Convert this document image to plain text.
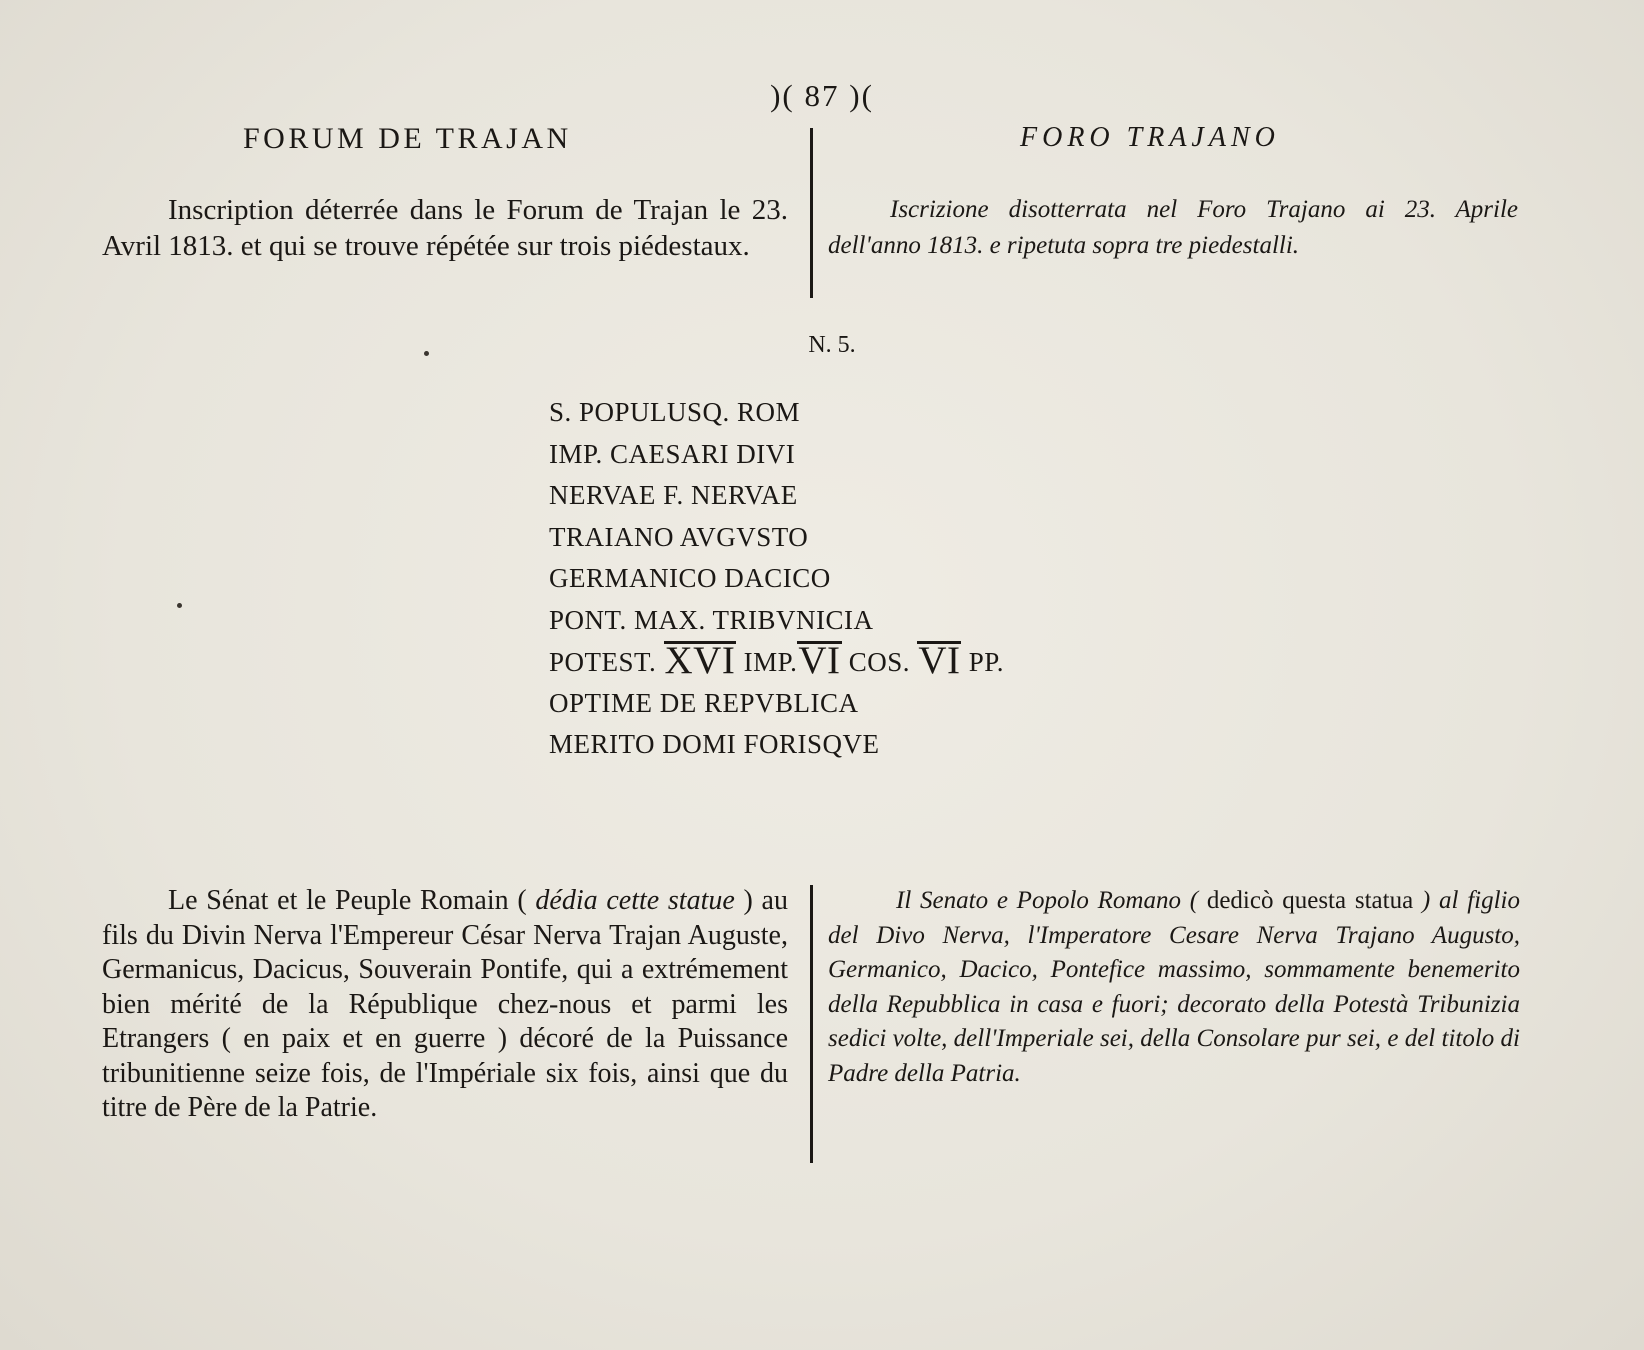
)( 87 )(
FORUM DE TRAJAN	FORO TRAJANO
Inscription déterrée dans le Forum de Trajan le 23. Avril 1813. et qui se trouve répétée sur trois piédestaux.
Iscrizione disotterrata nel Foro Trajano ai 23. Aprile dell'anno 1813. e ripetuta sopra tre piedestalli.
N. 5.
S. POPULUSQ. ROM
IMP. CAESARI DIVI
NERVAE F. NERVAE
TRAIANO AVGVSTO
GERMANICO DACICO
PONT. MAX. TRIBVNICIA
POTEST. XVI IMP.VI COS. VI PP.
OPTIME DE REPVBLICA
MERITO DOMI FORISQVE
Le Sénat et le Peuple Romain ( dédia cette statue ) au fils du Divin Nerva l'Empereur César Nerva Trajan Auguste, Germanicus, Dacicus, Souverain Pontife, qui a extrémement bien mérité de la République chez-nous et parmi les Etrangers ( en paix et en guerre ) décoré de la Puissance tribunitienne seize fois, de l'Impériale six fois, ainsi que du titre de Père de la Patrie.
Il Senato e Popolo Romano ( dedicò questa statua ) al figlio del Divo Nerva, l'Imperatore Cesare Nerva Trajano Augusto, Germanico, Dacico, Pontefice massimo, sommamente benemerito della Repubblica in casa e fuori; decorato della Potestà Tribunizia sedici volte, dell'Imperiale sei, della Consolare pur sei, e del titolo di Padre della Patria.
